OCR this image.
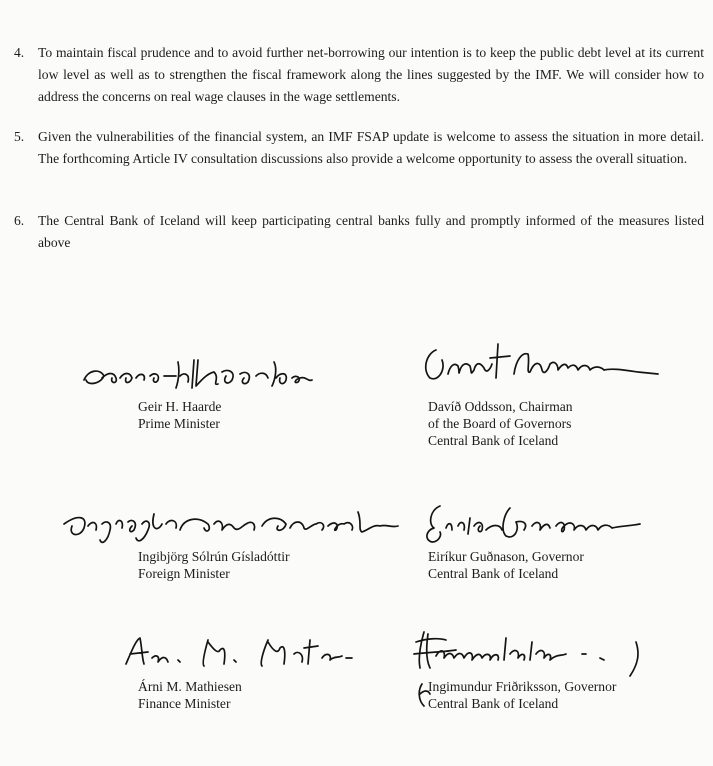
4.	To maintain fiscal prudence and to avoid further net-borrowing our intention is to keep the public debt level at its current low level as well as to strengthen the fiscal framework along the lines suggested by the IMF. We will consider how to address the concerns on real wage clauses in the wage settlements.
5.	Given the vulnerabilities of the financial system, an IMF FSAP update is welcome to assess the situation in more detail. The forthcoming Article IV consultation discussions also provide a welcome opportunity to assess the overall situation.
6.	The Central Bank of Iceland will keep participating central banks fully and promptly informed of the measures listed above
Geir H. Haarde
Prime Minister
Davíð Oddsson, Chairman
of the Board of Governors
Central Bank of Iceland
Ingibjörg Sólrún Gísladóttir
Foreign Minister
Eiríkur Guðnason, Governor
Central Bank of Iceland
Árni M. Mathiesen
Finance Minister
Ingimundur Friðriksson, Governor
Central Bank of Iceland
